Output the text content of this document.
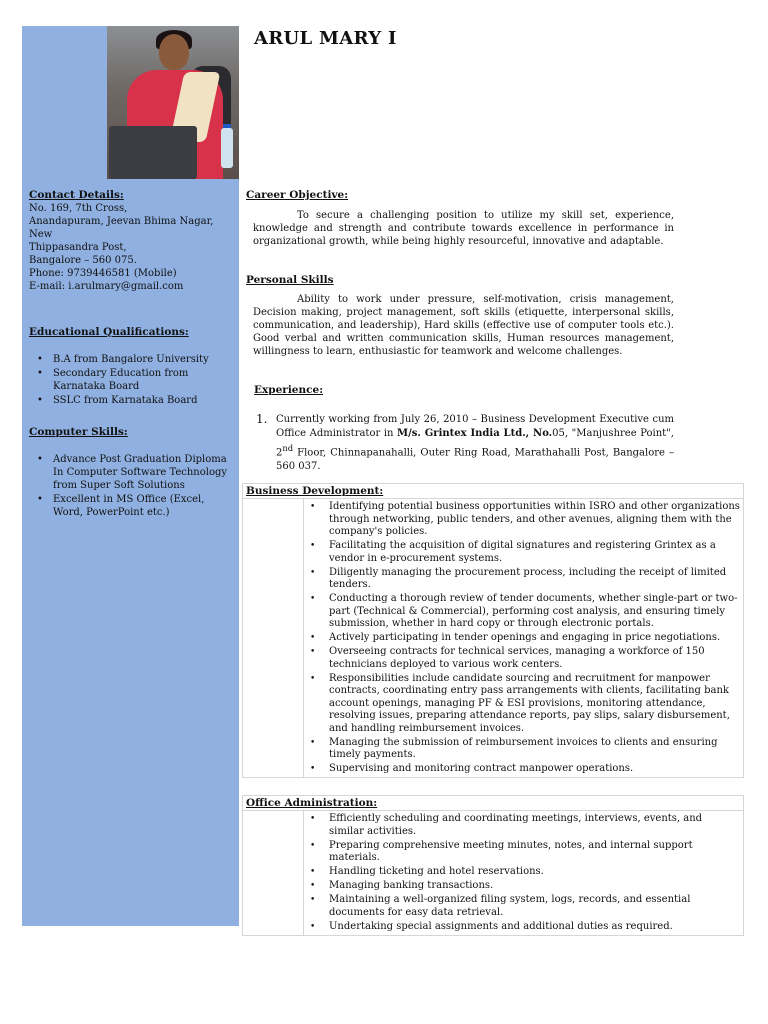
ARUL MARY I
Contact Details:
No. 169, 7th Cross,
Anandapuram, Jeevan Bhima Nagar, New
Thippasandra Post,
Bangalore – 560 075.
Phone: 9739446581 (Mobile)
E-mail: i.arulmary@gmail.com
Educational Qualifications:
• B.A from Bangalore University
• Secondary Education from Karnataka Board
• SSLC from Karnataka Board
Computer Skills:
• Advance Post Graduation Diploma In Computer Software Technology from Super Soft Solutions
• Excellent in MS Office (Excel, Word, PowerPoint etc.)
Career Objective:
To secure a challenging position to utilize my skill set, experience, knowledge and strength and contribute towards excellence in performance in organizational growth, while being highly resourceful, innovative and adaptable.
Personal Skills
Ability to work under pressure, self-motivation, crisis management, Decision making, project management, soft skills (etiquette, interpersonal skills, communication, and leadership), Hard skills (effective use of computer tools etc.). Good verbal and written communication skills, Human resources management, willingness to learn, enthusiastic for teamwork and welcome challenges.
Experience:
1. Currently working from July 26, 2010 – Business Development Executive cum Office Administrator in M/s. Grintex India Ltd., No.05, "Manjushree Point", 2nd Floor, Chinnapanahalli, Outer Ring Road, Marathahalli Post, Bangalore – 560 037.
Business Development:
• Identifying potential business opportunities within ISRO and other organizations through networking, public tenders, and other avenues, aligning them with the company's policies.
• Facilitating the acquisition of digital signatures and registering Grintex as a vendor in e-procurement systems.
• Diligently managing the procurement process, including the receipt of limited tenders.
• Conducting a thorough review of tender documents, whether single-part or two-part (Technical & Commercial), performing cost analysis, and ensuring timely submission, whether in hard copy or through electronic portals.
• Actively participating in tender openings and engaging in price negotiations.
• Overseeing contracts for technical services, managing a workforce of 150 technicians deployed to various work centers.
• Responsibilities include candidate sourcing and recruitment for manpower contracts, coordinating entry pass arrangements with clients, facilitating bank account openings, managing PF & ESI provisions, monitoring attendance, resolving issues, preparing attendance reports, pay slips, salary disbursement, and handling reimbursement invoices.
• Managing the submission of reimbursement invoices to clients and ensuring timely payments.
• Supervising and monitoring contract manpower operations.
Office Administration:
• Efficiently scheduling and coordinating meetings, interviews, events, and similar activities.
• Preparing comprehensive meeting minutes, notes, and internal support materials.
• Handling ticketing and hotel reservations.
• Managing banking transactions.
• Maintaining a well-organized filing system, logs, records, and essential documents for easy data retrieval.
• Undertaking special assignments and additional duties as required.
